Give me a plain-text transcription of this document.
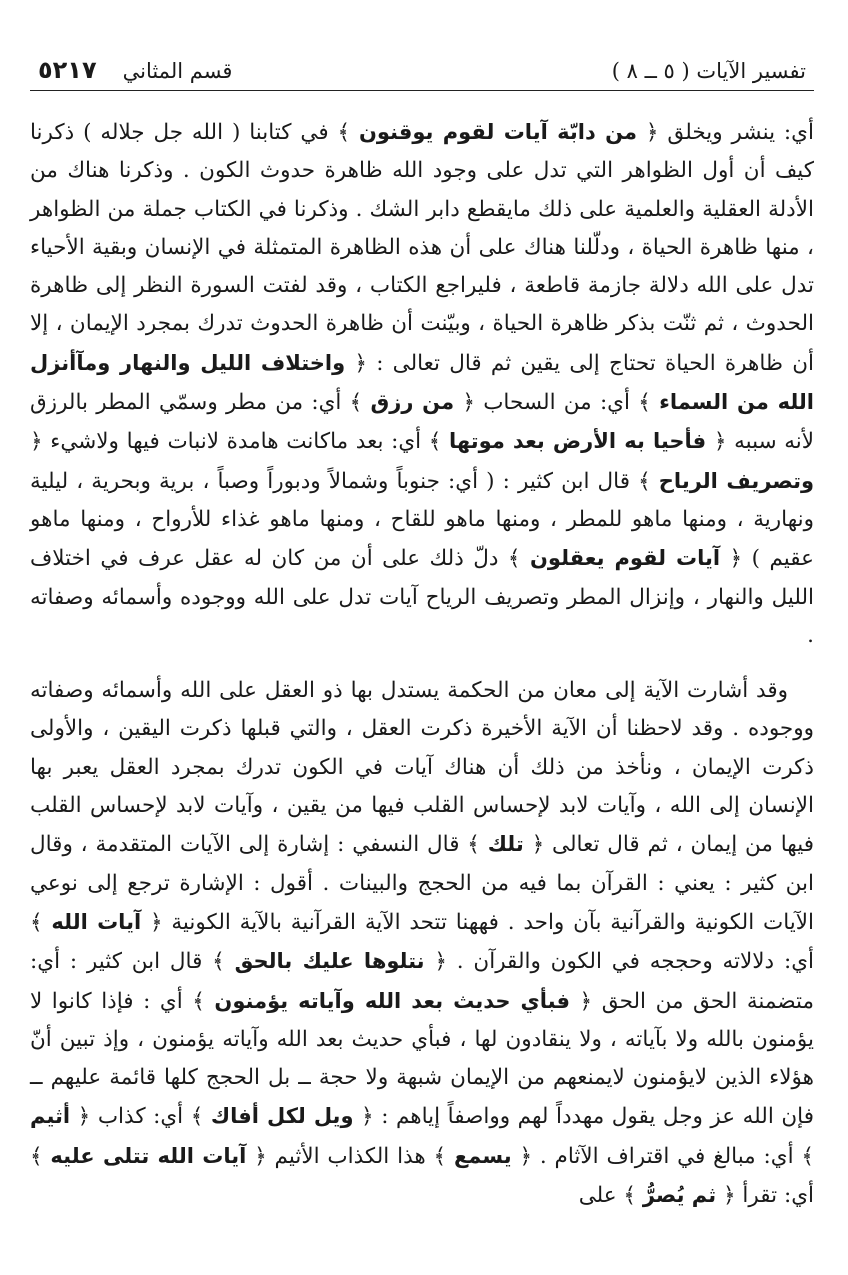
تفسير الآيات ( ٥ ــ ٨ )
قسم المثاني
٥٢١٧

أي: ينشر ويخلق ﴿ من دابّة آيات لقوم يوقنون ﴾ في كتابنا ( الله جل جلاله ) ذكرنا كيف أن أول الظواهر التي تدل على وجود الله ظاهرة حدوث الكون . وذكرنا هناك من الأدلة العقلية والعلمية على ذلك مايقطع دابر الشك . وذكرنا في الكتاب جملة من الظواهر ، منها ظاهرة الحياة ، ودلّلنا هناك على أن هذه الظاهرة المتمثلة في الإنسان وبقية الأحياء تدل على الله دلالة جازمة قاطعة ، فليراجع الكتاب ، وقد لفتت السورة النظر إلى ظاهرة الحدوث ، ثم ثنّت بذكر ظاهرة الحياة ، وبيّنت أن ظاهرة الحدوث تدرك بمجرد الإيمان ، إلا أن ظاهرة الحياة تحتاج إلى يقين ثم قال تعالى : ﴿ واختلاف الليل والنهار ومآأنزل الله من السماء ﴾ أي: من السحاب ﴿ من رزق ﴾ أي: من مطر وسمّي المطر بالرزق لأنه سببه ﴿ فأحيا به الأرض بعد موتها ﴾ أي: بعد ماكانت هامدة لانبات فيها ولاشيء ﴿ وتصريف الرياح ﴾ قال ابن كثير : ( أي: جنوباً وشمالاً ودبوراً وصباً ، برية وبحرية ، ليلية ونهارية ، ومنها ماهو للمطر ، ومنها ماهو للقاح ، ومنها ماهو غذاء للأرواح ، ومنها ماهو عقيم ) ﴿ آيات لقوم يعقلون ﴾ دلّ ذلك على أن من كان له عقل عرف في اختلاف الليل والنهار ، وإنزال المطر وتصريف الرياح آيات تدل على الله ووجوده وأسمائه وصفاته .

وقد أشارت الآية إلى معان من الحكمة يستدل بها ذو العقل على الله وأسمائه وصفاته ووجوده . وقد لاحظنا أن الآية الأخيرة ذكرت العقل ، والتي قبلها ذكرت اليقين ، والأولى ذكرت الإيمان ، ونأخذ من ذلك أن هناك آيات في الكون تدرك بمجرد العقل يعبر بها الإنسان إلى الله ، وآيات لابد لإحساس القلب فيها من يقين ، وآيات لابد لإحساس القلب فيها من إيمان ، ثم قال تعالى ﴿ تلك ﴾ قال النسفي : إشارة إلى الآيات المتقدمة ، وقال ابن كثير : يعني : القرآن بما فيه من الحجج والبينات . أقول : الإشارة ترجع إلى نوعي الآيات الكونية والقرآنية بآن واحد . فههنا تتحد الآية القرآنية بالآية الكونية ﴿ آيات الله ﴾ أي: دلالاته وحججه في الكون والقرآن . ﴿ نتلوها عليك بالحق ﴾ قال ابن كثير : أي: متضمنة الحق من الحق ﴿ فبأي حديث بعد الله وآياته يؤمنون ﴾ أي : فإذا كانوا لا يؤمنون بالله ولا بآياته ، ولا ينقادون لها ، فبأي حديث بعد الله وآياته يؤمنون ، وإذ تبين أنّ هؤلاء الذين لايؤمنون لايمنعهم من الإيمان شبهة ولا حجة ــ بل الحجج كلها قائمة عليهم ــ فإن الله عز وجل يقول مهدداً لهم وواصفاً إياهم : ﴿ ويل لكل أفاك ﴾ أي: كذاب ﴿ أثيم ﴾ أي: مبالغ في اقتراف الآثام . ﴿ يسمع ﴾ هذا الكذاب الأثيم ﴿ آيات الله تتلى عليه ﴾ أي: تقرأ ﴿ ثم يُصرُّ ﴾ على
